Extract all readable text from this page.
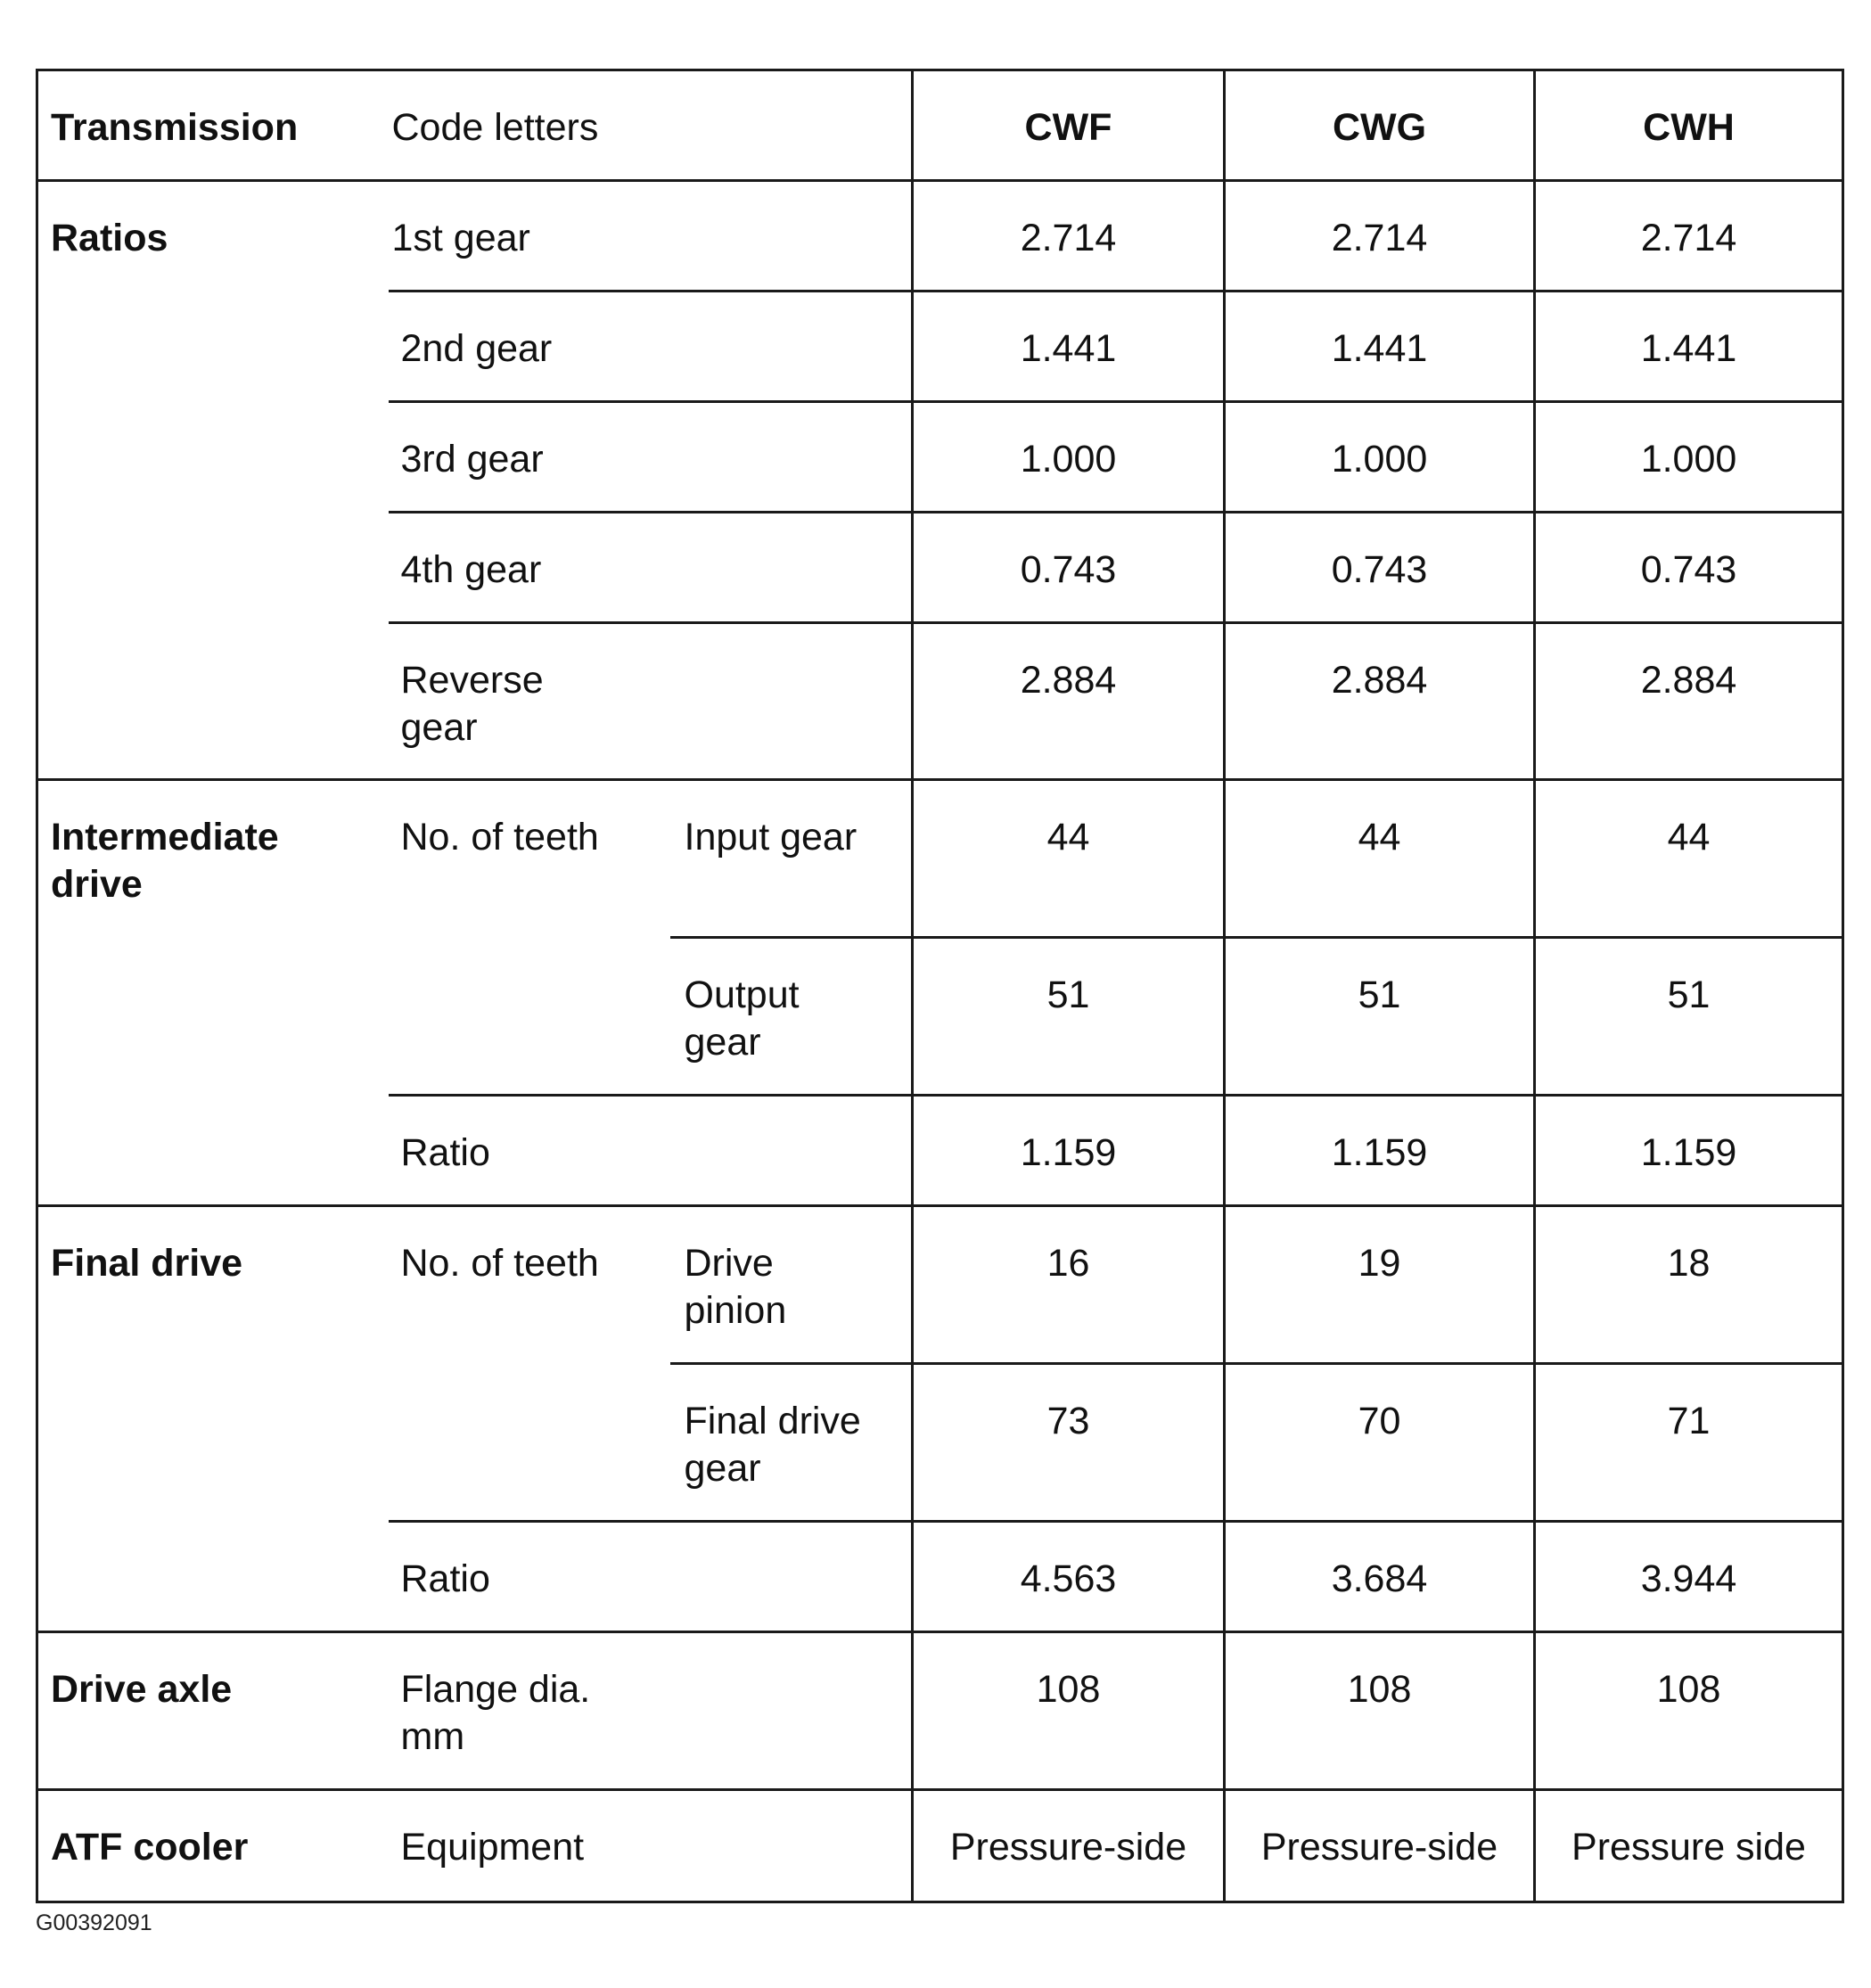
Transmission	Code letters		CWF	CWG	CWH
Ratios	1st gear		2.714	2.714	2.714
	2nd gear		1.441	1.441	1.441
	3rd gear		1.000	1.000	1.000
	4th gear		0.743	0.743	0.743

	Reverse gear		2.884	2.884	2.884

Intermediate drive	No. of teeth	Input gear	44	44	44

		Output gear	51	51	51
	Ratio		1.159	1.159	1.159
Final drive	No. of teeth	Drive pinion	16	19	18

		Final drive gear	73	70	71
	Ratio		4.563	3.684	3.944
Drive axle	Flange dia. mm		108	108	108
ATF cooler	Equipment		Pressure-side	Pressure-side	Pressure side
G00392091
